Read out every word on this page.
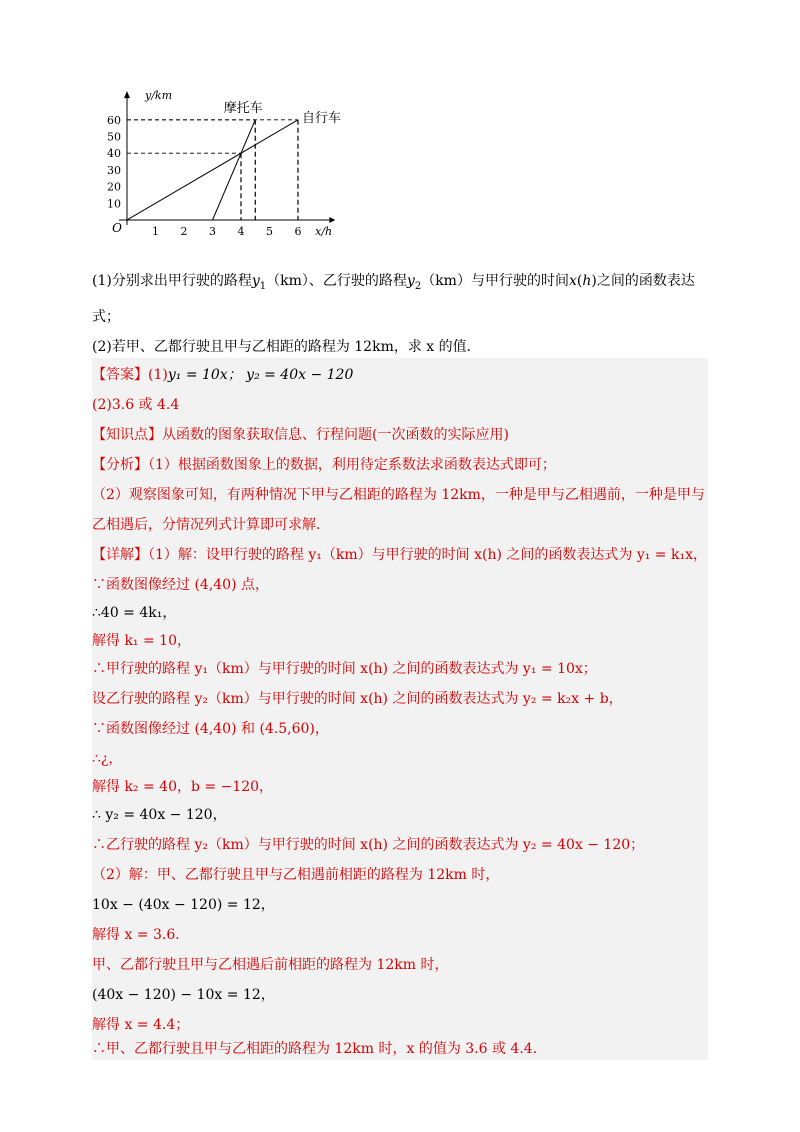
y/km
x/h
O	1 2 3 4 5 6
10
20
30
40
50
60	自行车
摩托车
(1)分别求出甲行驶的路程$y_1(km)$、乙行驶的路程$y_2(km)$与甲行驶的时间x(h)之间的函数表达
式；
(2)若甲、乙都行驶且甲与乙相距的路程为 12km，求 x 的值．
【答案】(1)y₁ = 10x； y₂ = 40x − 120
(2)3.6 或 4.4
【知识点】从函数的图象获取信息、行程问题(一次函数的实际应用)
【分析】（1）根据函数图象上的数据，利用待定系数法求函数表达式即可；
（2）观察图象可知，有两种情况下甲与乙相距的路程为 12km，一种是甲与乙相遇前，一种是甲与
乙相遇后，分情况列式计算即可求解．
【详解】（1）解：设甲行驶的路程 y₁（km）与甲行驶的时间 x(h) 之间的函数表达式为 y₁ = k₁x，
∵函数图像经过 (4,40) 点，
∴40 = 4k₁，
解得 k₁ = 10，
∴甲行驶的路程 y₁（km）与甲行驶的时间 x(h) 之间的函数表达式为 y₁ = 10x；
设乙行驶的路程 y₂（km）与甲行驶的时间 x(h) 之间的函数表达式为 y₂ = k₂x + b，
∵函数图像经过 (4,40) 和 (4.5,60)，
∴¿，
解得 k₂ = 40，b = −120，
∴ y₂ = 40x − 120，
∴乙行驶的路程 y₂（km）与甲行驶的时间 x(h) 之间的函数表达式为 y₂ = 40x − 120；
（2）解：甲、乙都行驶且甲与乙相遇前相距的路程为 12km 时，
10x − (40x − 120) = 12，
解得 x = 3.6．
甲、乙都行驶且甲与乙相遇后前相距的路程为 12km 时，
(40x − 120) − 10x = 12，
解得 x = 4.4；
∴甲、乙都行驶且甲与乙相距的路程为 12km 时，x 的值为 3.6 或 4.4．
